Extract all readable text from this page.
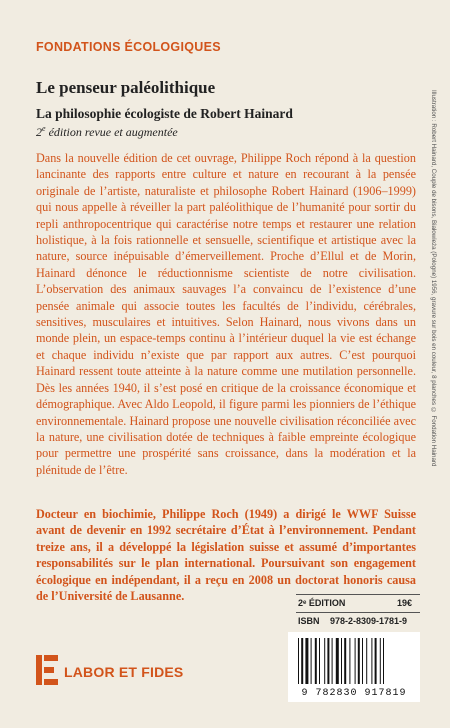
FONDATIONS ÉCOLOGIQUES
Le penseur paléolithique
La philosophie écologiste de Robert Hainard
2e édition revue et augmentée

Dans la nouvelle édition de cet ouvrage, Philippe Roch répond à la question lancinante des rapports entre culture et nature en recourant à la pensée originale de l’artiste, naturaliste et philosophe Robert Hainard (1906–1999) qui nous appelle à réveiller la part paléolithique de l’humanité pour sortir du repli anthropocentrique qui caractérise notre temps et restaurer une relation holistique, à la fois rationnelle et sensuelle, scientifique et artistique avec la nature, source inépuisable d’émerveillement. Proche d’Ellul et de Morin, Hainard dénonce le réductionnisme scientiste de notre civilisation. L’observation des animaux sauvages l’a convaincu de l’existence d’une pensée animale qui associe toutes les facultés de l’individu, cérébrales, sensitives, musculaires et intuitives. Selon Hainard, nous vivons dans un monde plein, un espace-temps continu à l’intérieur duquel la vie est échange et chaque individu n’existe que par rapport aux autres. C’est pourquoi Hainard ressent toute atteinte à la nature comme une mutilation personnelle. Dès les années 1940, il s’est posé en critique de la croissance économique et démographique. Avec Aldo Leopold, il figure parmi les pionniers de l’éthique environnementale. Hainard propose une nouvelle civilisation réconciliée avec la nature, une civilisation dotée de techniques à faible empreinte écologique pour permettre une prospérité sans croissance, dans la modération et la plénitude de l’être.

Docteur en biochimie, Philippe Roch (1949) a dirigé le WWF Suisse avant de devenir en 1992 secrétaire d’État à l’environnement. Pendant treize ans, il a développé la législation suisse et assumé d’importantes responsabilités sur le plan international. Poursuivant son engagement écologique en indépendant, il a reçu en 2008 un doctorat honoris causa de l’Université de Lausanne.

Illustration : Robert Hainard, Couple de bisons, Białowieża (Pologne) 1956, gravure sur bois en couleur, 8 planches © Fondation Hainard
2ᵉ ÉDITION	19€
ISBN 978-2-8309-1781-9
9 782830 917819
LABOR ET FIDES
